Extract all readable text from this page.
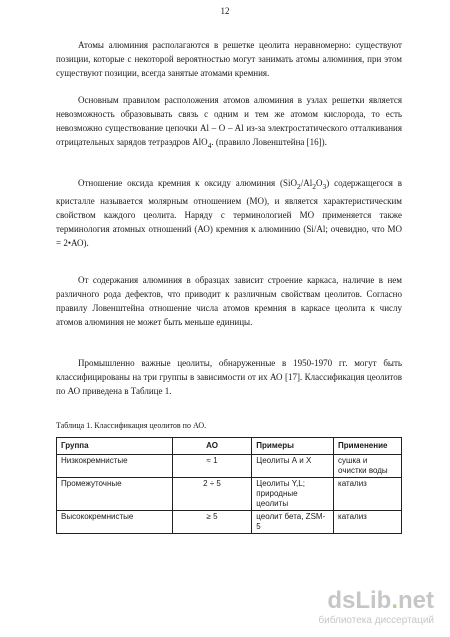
12

Атомы алюминия располагаются в решетке цеолита неравномерно: существуют позиции, которые с некоторой вероятностью могут занимать атомы алюминия, при этом существуют позиции, всегда занятые атомами кремния.

Основным правилом расположения атомов алюминия в узлах решетки является невозможность образовывать связь с одним и тем же атомом кислорода, то есть невозможно существование цепочки Al – O – Al из-за электростатического отталкивания отрицательных зарядов тетраэдров AlO$_4$. (правило Ловенштейна [16]).

Отношение оксида кремния к оксиду алюминия $(SiO_2/Al_2O_3)$ содержащегося в кристалле называется молярным отношением (МО), и является характеристическим свойством каждого цеолита. Наряду с терминологией МО применяется также терминология атомных отношений (АО) кремния к алюминию (Si/Al; очевидно, что МО = 2•АО).

От содержания алюминия в образцах зависит строение каркаса, наличие в нем различного рода дефектов, что приводит к различным свойствам цеолитов. Согласно правилу Ловенштейна отношение числа атомов кремния в каркасе цеолита к числу атомов алюминия не может быть меньше единицы.

Промышленно важные цеолиты, обнаруженные в 1950-1970 гг. могут быть классифицированы на три группы в зависимости от их АО [17]. Классификация цеолитов по АО приведена в Таблице 1.

Таблица 1. Классификация цеолитов по АО.
Группа	АО	Примеры	Применение
Низкокремнистые	≈ 1	Цеолиты А и Х	сушка и очистки воды
Промежуточные	2 ÷ 5	Цеолиты Y,L; природные цеолиты	катализ
Высококремнистые	≥ 5	цеолит бета, ZSM-5	катализ
dsLib.net
библиотека диссертаций
